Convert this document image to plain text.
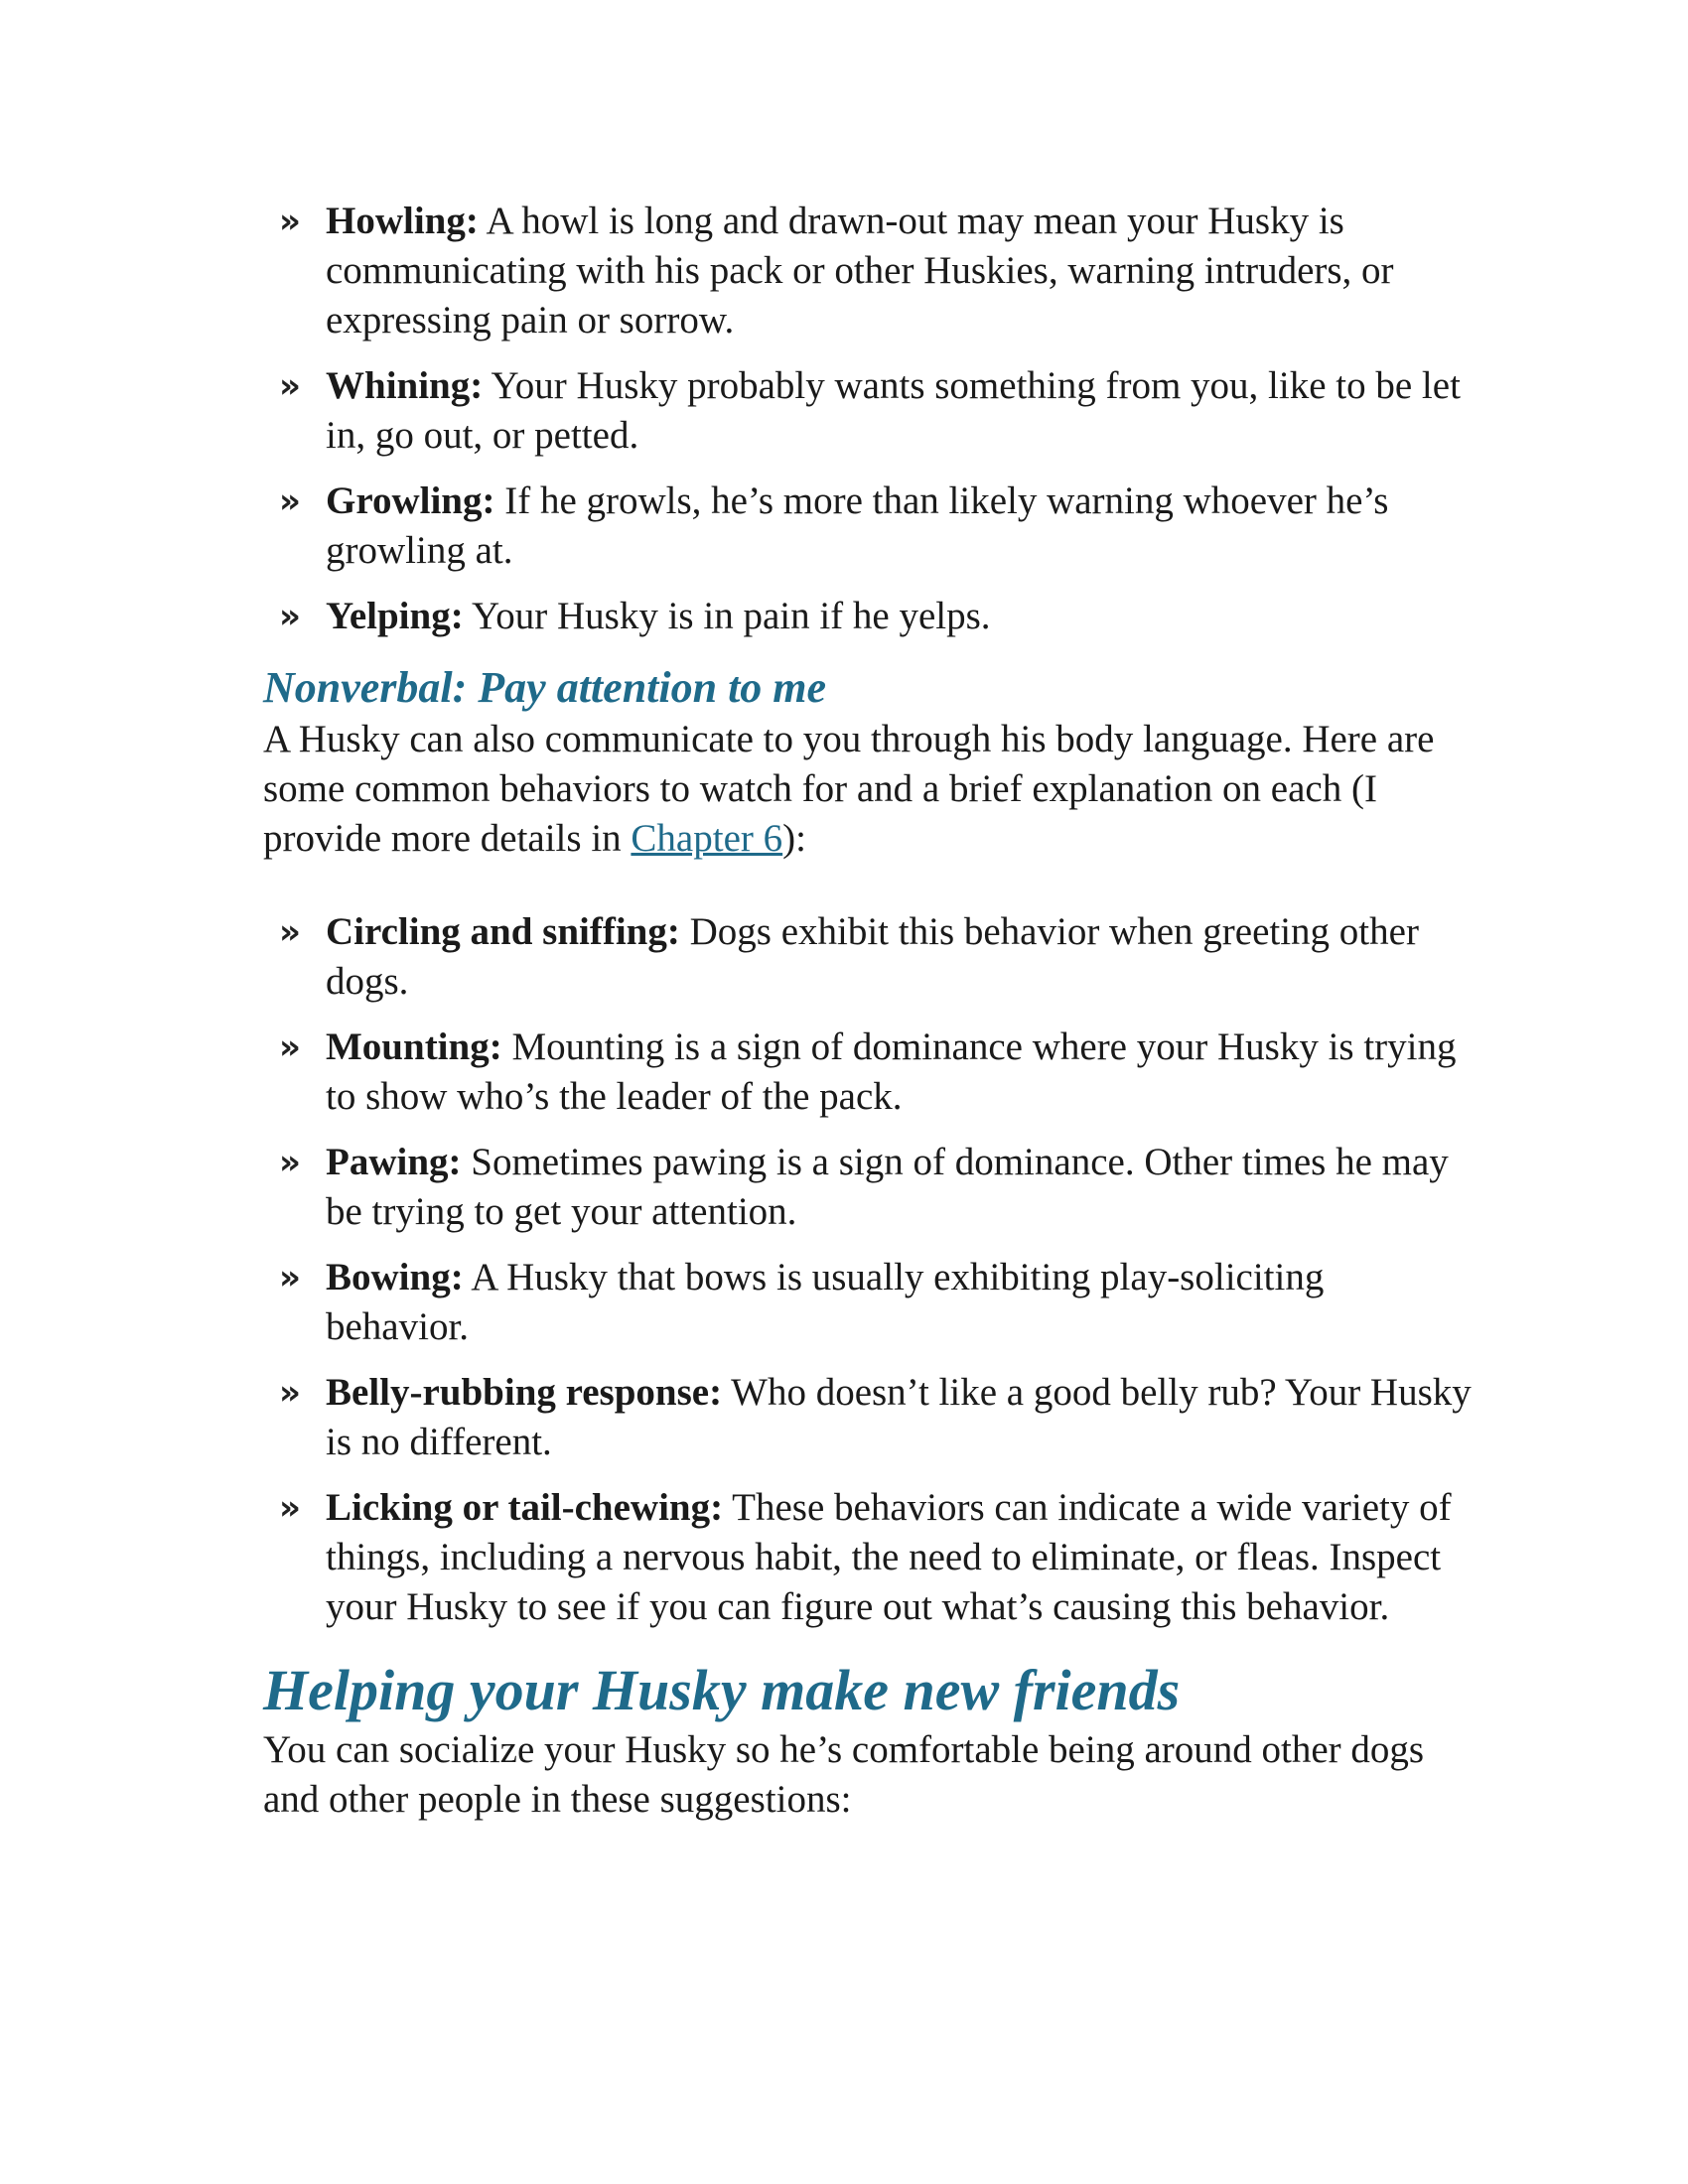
» Howling: A howl is long and drawn-out may mean your Husky is communicating with his pack or other Huskies, warning intruders, or expressing pain or sorrow.
» Whining: Your Husky probably wants something from you, like to be let in, go out, or petted.
» Growling: If he growls, he’s more than likely warning whoever he’s growling at.
» Yelping: Your Husky is in pain if he yelps.
Nonverbal: Pay attention to me

A Husky can also communicate to you through his body language. Here are some common behaviors to watch for and a brief explanation on each (I provide more details in Chapter 6):

» Circling and sniffing: Dogs exhibit this behavior when greeting other dogs.
» Mounting: Mounting is a sign of dominance where your Husky is trying to show who’s the leader of the pack.
» Pawing: Sometimes pawing is a sign of dominance. Other times he may be trying to get your attention.
» Bowing: A Husky that bows is usually exhibiting play-soliciting behavior.
» Belly-rubbing response: Who doesn’t like a good belly rub? Your Husky is no different.
» Licking or tail-chewing: These behaviors can indicate a wide variety of things, including a nervous habit, the need to eliminate, or fleas. Inspect your Husky to see if you can figure out what’s causing this behavior.
Helping your Husky make new friends

You can socialize your Husky so he’s comfortable being around other dogs and other people in these suggestions:
